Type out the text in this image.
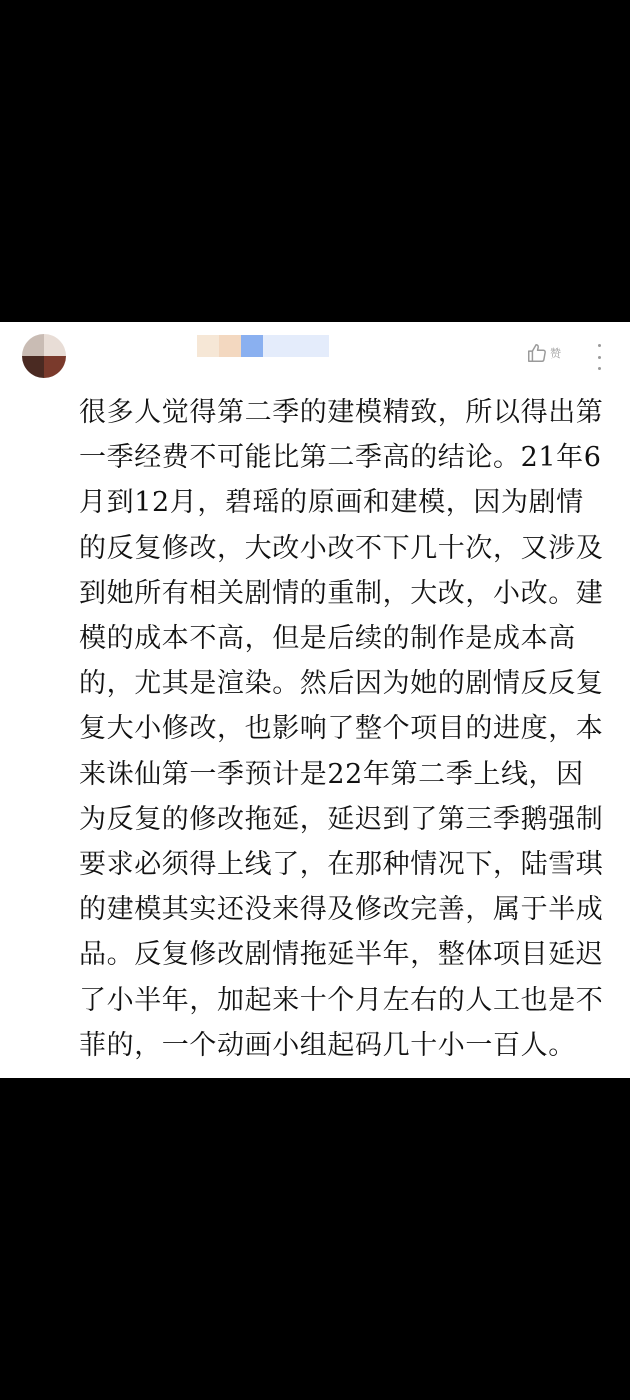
赞

很多人觉得第二季的建模精致，所以得出第一季经费不可能比第二季高的结论。21年6月到12月，碧瑶的原画和建模，因为剧情的反复修改，大改小改不下几十次，又涉及到她所有相关剧情的重制，大改，小改。建模的成本不高，但是后续的制作是成本高的，尤其是渲染。然后因为她的剧情反反复复大小修改，也影响了整个项目的进度，本来诛仙第一季预计是22年第二季上线，因为反复的修改拖延，延迟到了第三季鹅强制要求必须得上线了，在那种情况下，陆雪琪的建模其实还没来得及修改完善，属于半成品。反复修改剧情拖延半年，整体项目延迟了小半年，加起来十个月左右的人工也是不菲的，一个动画小组起码几十小一百人。
